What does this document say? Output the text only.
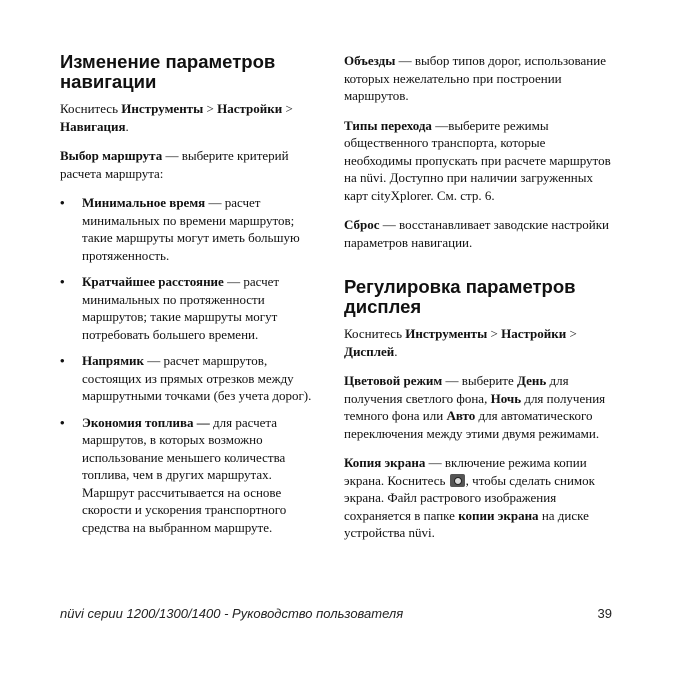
Изменение параметров навигации

Коснитесь Инструменты > Настройки > Навигация.

Выбор маршрута — выберите критерий расчета маршрута:

• Минимальное время — расчет минимальных по времени маршрутов; такие маршруты могут иметь большую протяженность.
• Кратчайшее расстояние — расчет минимальных по протяженности маршрутов; такие маршруты могут потребовать большего времени.
• Напрямик — расчет маршрутов, состоящих из прямых отрезков между маршрутными точками (без учета дорог).
• Экономия топлива — для расчета маршрутов, в которых возможно использование меньшего количества топлива, чем в других маршрутах. Маршрут рассчитывается на основе скорости и ускорения транспортного средства на выбранном маршруте.

Объезды — выбор типов дорог, использование которых нежелательно при построении маршрутов.

Типы перехода —выберите режимы общественного транспорта, которые необходимы пропускать при расчете маршрутов на nüvi. Доступно при наличии загруженных карт cityXplorer. См. стр. 6.

Сброс — восстанавливает заводские настройки параметров навигации.

Регулировка параметров дисплея

Коснитесь Инструменты > Настройки > Дисплей.

Цветовой режим — выберите День для получения светлого фона, Ночь для получения темного фона или Авто для автоматического переключения между этими двумя режимами.

Копия экрана — включение режима копии экрана. Коснитесь , чтобы сделать снимок экрана. Файл растрового изображения сохраняется в папке копии экрана на диске устройства nüvi.

nüvi серии 1200/1300/1400 - Руководство пользователя	39
